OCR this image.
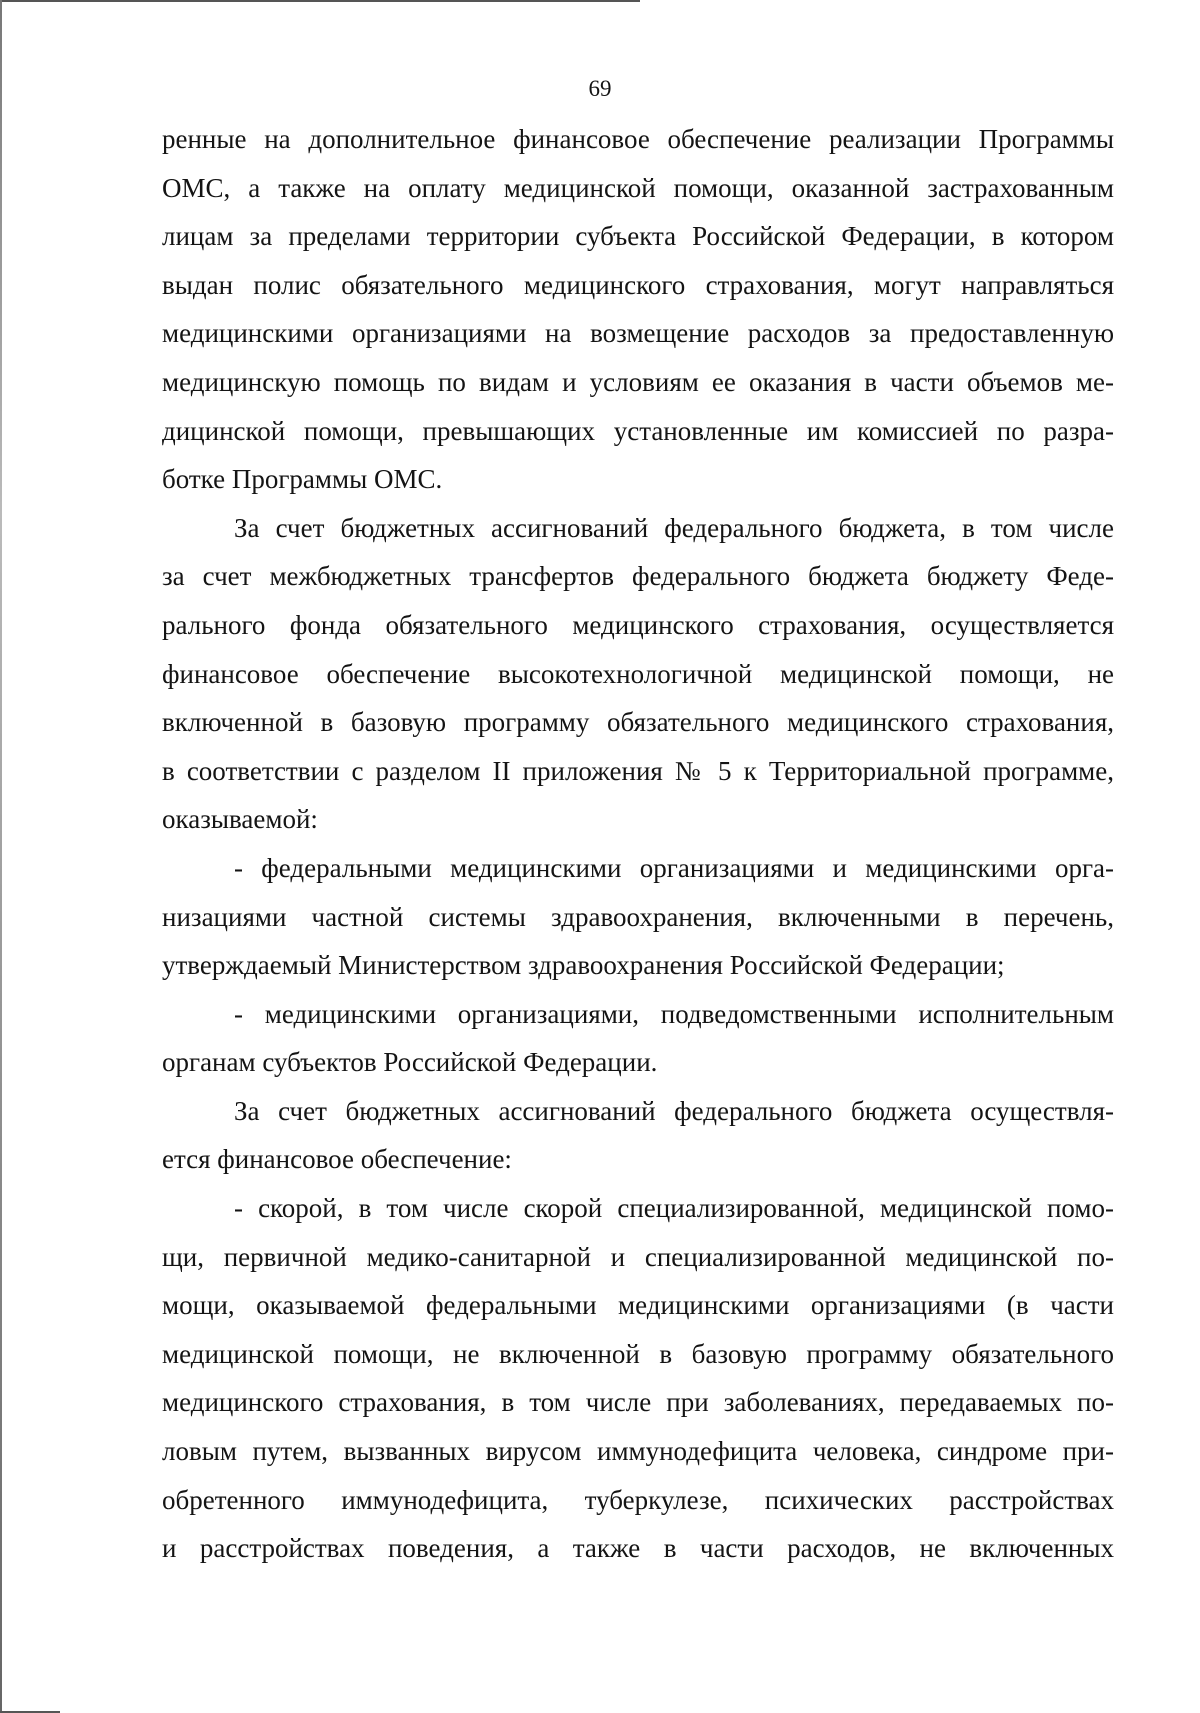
69

ренные на дополнительное финансовое обеспечение реализации Программы
ОМС, а также на оплату медицинской помощи, оказанной застрахованным
лицам за пределами территории субъекта Российской Федерации, в котором
выдан полис обязательного медицинского страхования, могут направляться
медицинскими организациями на возмещение расходов за предоставленную
медицинскую помощь по видам и условиям ее оказания в части объемов ме-
дицинской помощи, превышающих установленные им комиссией по разра-
ботке Программы ОМС.

За счет бюджетных ассигнований федерального бюджета, в том числе
за счет межбюджетных трансфертов федерального бюджета бюджету Феде-
рального фонда обязательного медицинского страхования, осуществляется
финансовое обеспечение высокотехнологичной медицинской помощи, не
включенной в базовую программу обязательного медицинского страхования,
в соответствии с разделом II приложения № 5 к Территориальной программе,
оказываемой:

- федеральными медицинскими организациями и медицинскими орга-
низациями частной системы здравоохранения, включенными в перечень,
утверждаемый Министерством здравоохранения Российской Федерации;

- медицинскими организациями, подведомственными исполнительным
органам субъектов Российской Федерации.

За счет бюджетных ассигнований федерального бюджета осуществля-
ется финансовое обеспечение:

- скорой, в том числе скорой специализированной, медицинской помо-
щи, первичной медико-санитарной и специализированной медицинской по-
мощи, оказываемой федеральными медицинскими организациями (в части
медицинской помощи, не включенной в базовую программу обязательного
медицинского страхования, в том числе при заболеваниях, передаваемых по-
ловым путем, вызванных вирусом иммунодефицита человека, синдроме при-
обретенного иммунодефицита, туберкулезе, психических расстройствах
и расстройствах поведения, а также в части расходов, не включенных
